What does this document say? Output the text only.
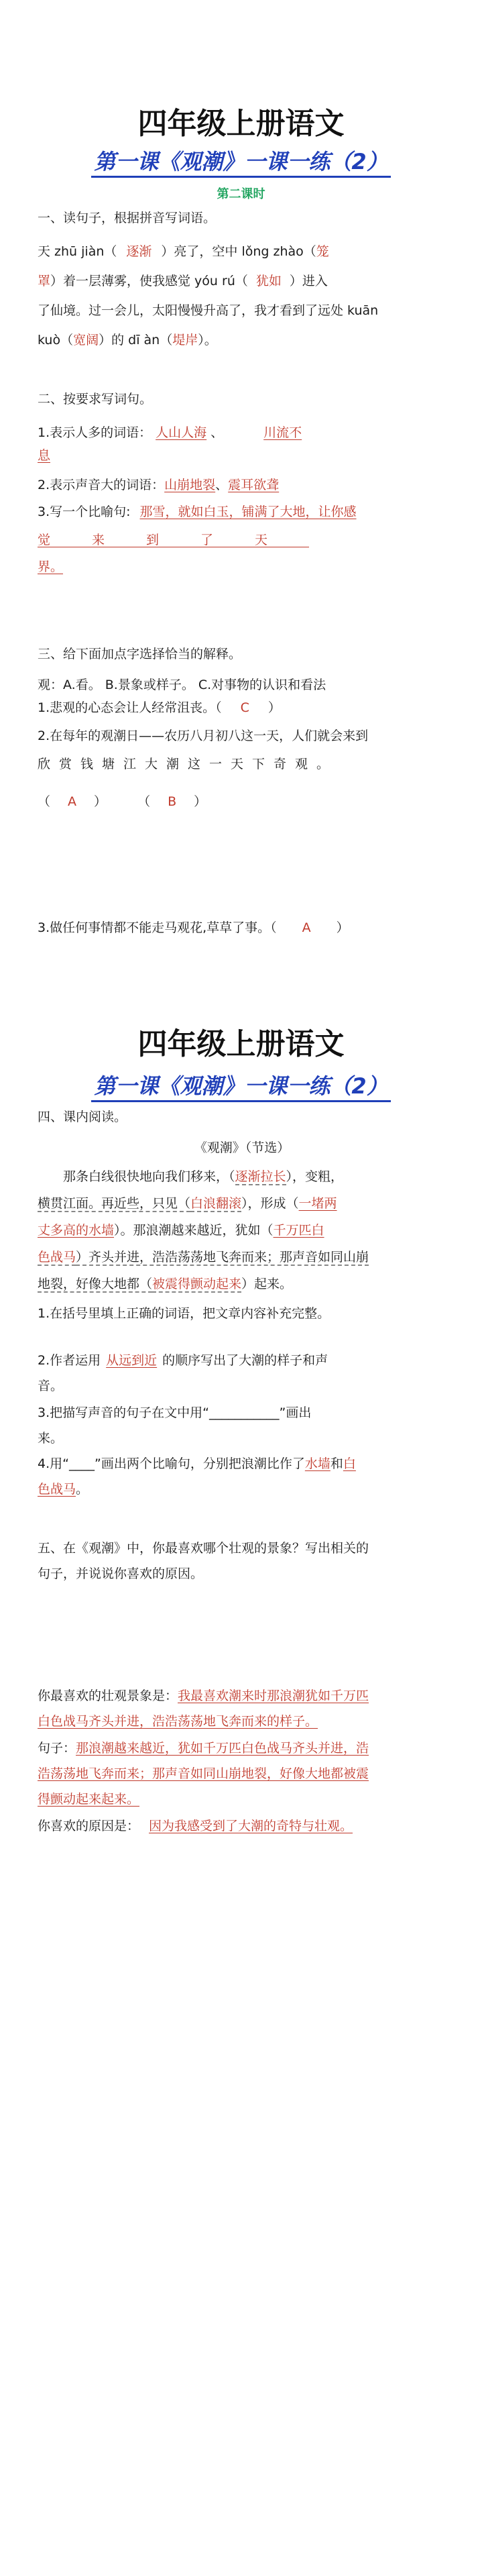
四年级上册语文
第一课《观潮》一课一练（2）
第二课时
一、读句子，根据拼音写词语。
天 zhū jiàn（ 逐渐 ）亮了，空中 lǒng zhào（笼
罩）着一层薄雾，使我感觉 yóu rú（ 犹如 ）进入
了仙境。过一会儿，太阳慢慢升高了，我才看到了远处 kuān
kuò（宽阔）的 dī àn（堤岸）。
二、按要求写词句。
1.表示人多的词语： 人山人海 、	川流不
息
2.表示声音大的词语：山崩地裂、震耳欲聋
3.写一个比喻句: 那雪，就如白玉，铺满了大地，让你感
觉来到了天
界。
三、给下面加点字选择恰当的解释。
观：A.看。 B.景象或样子。 C.对事物的认识和看法
1.悲观的心态会让人经常沮丧。（ C ）
2.在每年的观潮日——农历八月初八这一天，人们就会来到
欣赏钱塘江大潮这一天下奇观。
（ A ） （ B ）
3.做任何事情都不能走马观花,草草了事。（ A ）
四年级上册语文
第一课《观潮》一课一练（2）
四、课内阅读。
《观潮》（节选）
那条白线很快地向我们移来，（逐渐拉长），变粗，
横贯江面。再近些，只见（白浪翻滚），形成（一堵两
丈多高的水墙）。那浪潮越来越近，犹如（千万匹白
色战马）齐头并进，浩浩荡荡地飞奔而来；那声音如同山崩
地裂，好像大地都（被震得颤动起来）起来。
1.在括号里填上正确的词语，把文章内容补充完整。
2.作者运用 从远到近 的顺序写出了大潮的样子和声
音。
3.把描写声音的句子在文中用“___________”画出
来。
4.用“____”画出两个比喻句，分别把浪潮比作了水墙和白
色战马。
五、在《观潮》中，你最喜欢哪个壮观的景象？写出相关的
句子，并说说你喜欢的原因。
你最喜欢的壮观景象是：我最喜欢潮来时那浪潮犹如千万匹
白色战马齐头并进，浩浩荡荡地飞奔而来的样子。
句子：那浪潮越来越近，犹如千万匹白色战马齐头并进，浩
浩荡荡地飞奔而来；那声音如同山崩地裂，好像大地都被震
得颤动起来起来。
你喜欢的原因是： 因为我感受到了大潮的奇特与壮观。
